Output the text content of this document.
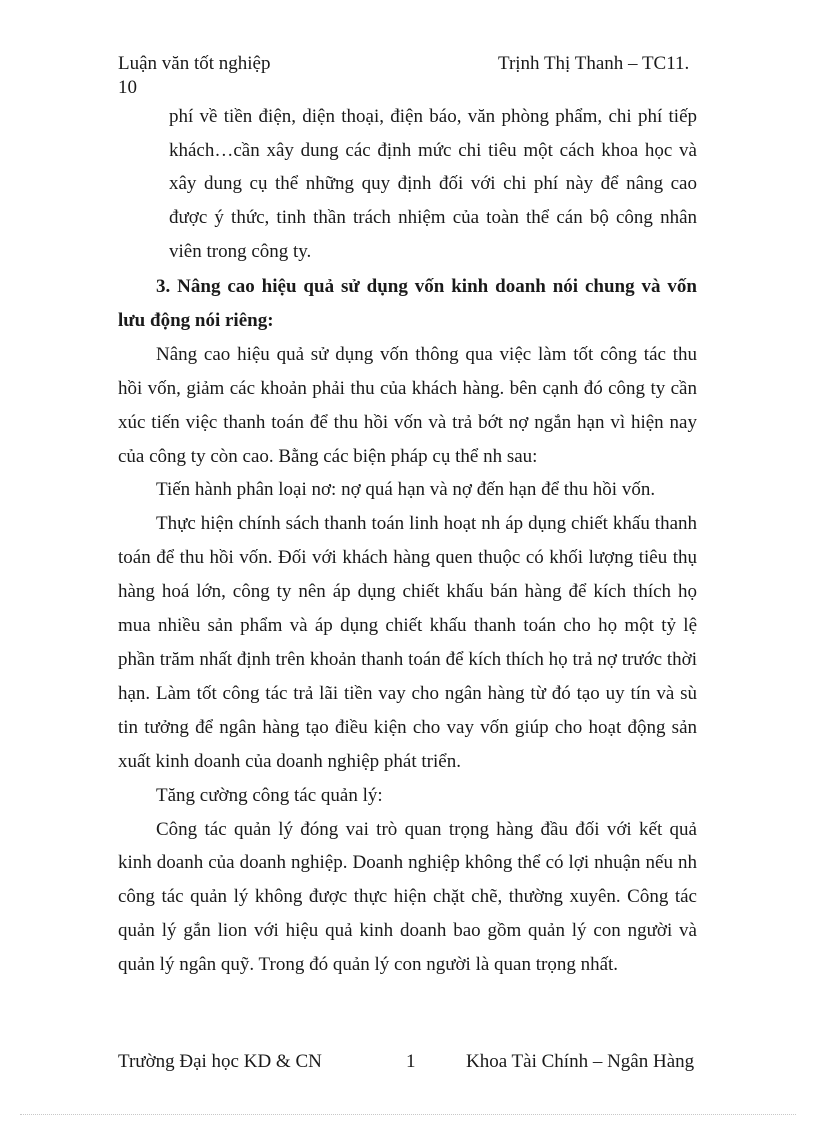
Luận văn tốt nghiệp	Trịnh Thị Thanh – TC11.
10

phí về tiền điện, diện thoại, điện báo, văn phòng phẩm, chi phí tiếp khách…cần xây dung các định mức chi tiêu một cách khoa học và xây dung cụ thể những quy định đối với chi phí này để nâng cao được ý thức, tinh thần trách nhiệm của toàn thể cán bộ công nhân viên trong công ty.

3. Nâng cao hiệu quả sử dụng vốn kinh doanh nói chung và vốn lưu động nói riêng:

Nâng cao hiệu quả sử dụng vốn thông qua việc làm tốt công tác thu hồi vốn, giảm các khoản phải thu của khách hàng. bên cạnh đó công ty cần xúc tiến việc thanh toán để thu hồi vốn và trả bớt nợ ngắn hạn vì hiện nay của công ty còn cao. Bằng các biện pháp cụ thể nh sau:

Tiến hành phân loại nơ: nợ quá hạn và nợ đến hạn để thu hồi vốn.

Thực hiện chính sách thanh toán linh hoạt nh áp dụng chiết khấu thanh toán để thu hồi vốn. Đối với khách hàng quen thuộc có khối lượng tiêu thụ hàng hoá lớn, công ty nên áp dụng chiết khấu bán hàng để kích thích họ mua nhiều sản phẩm và áp dụng chiết khấu thanh toán cho họ một tỷ lệ phần trăm nhất định trên khoản thanh toán để kích thích họ trả nợ trước thời hạn. Làm tốt công tác trả lãi tiền vay cho ngân hàng từ đó tạo uy tín và sù tin tưởng để ngân hàng tạo điều kiện cho vay vốn giúp cho hoạt động sản xuất kinh doanh của doanh nghiệp phát triển.

Tăng cường công tác quản lý:

Công tác quản lý đóng vai trò quan trọng hàng đầu đối với kết quả kinh doanh của doanh nghiệp. Doanh nghiệp không thể có lợi nhuận nếu nh công tác quản lý không được thực hiện chặt chẽ, thường xuyên. Công tác quản lý gắn lion với hiệu quả kinh doanh bao gồm quản lý con người và quản lý ngân quỹ. Trong đó quản lý con người là quan trọng nhất.

Trường Đại học KD & CN	1	Khoa Tài Chính – Ngân Hàng
